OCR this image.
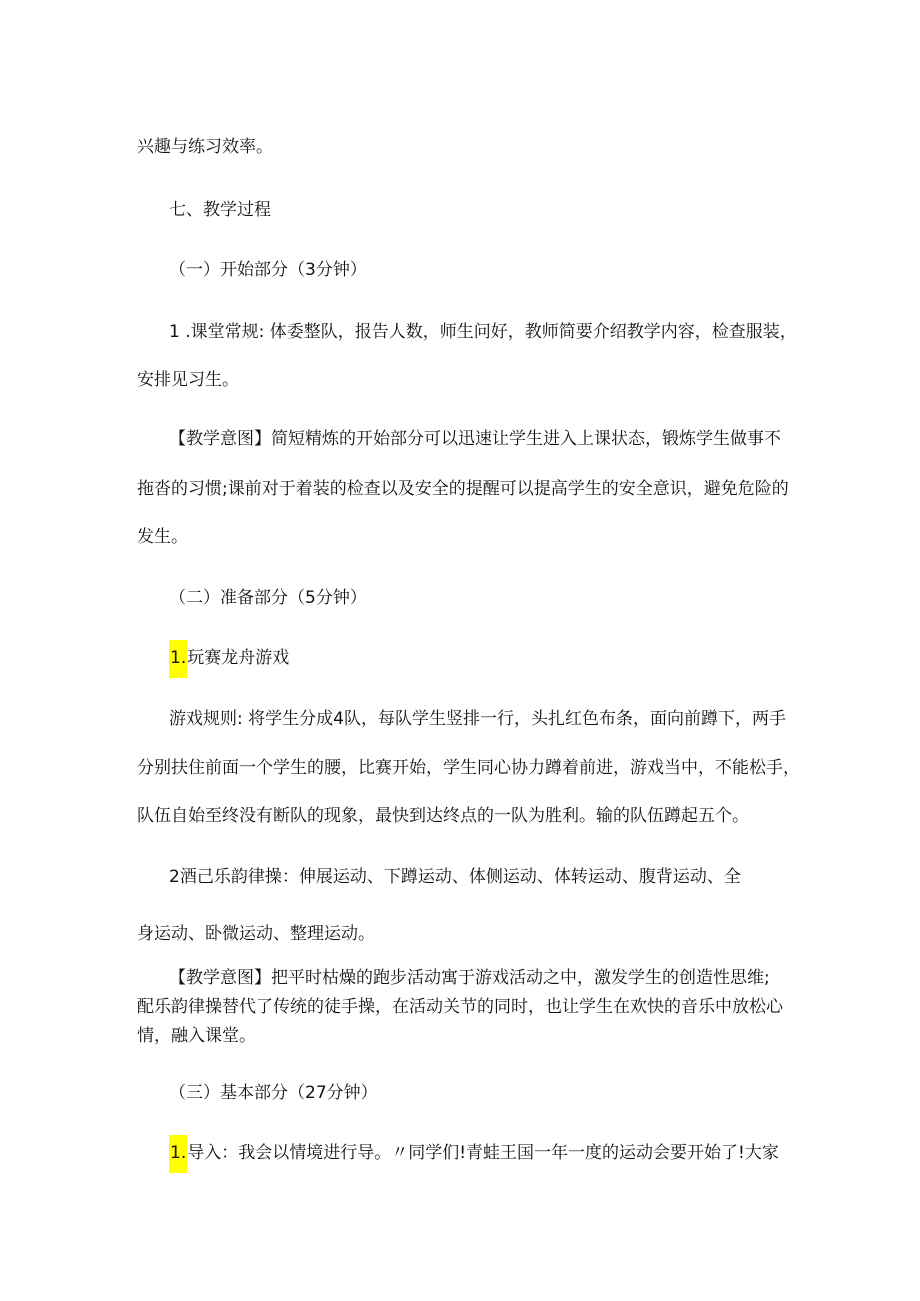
兴趣与练习效率。
七、教学过程
（一）开始部分（3分钟）
1 .课堂常规: 体委整队，报告人数，师生问好，教师简要介绍教学内容，检查服装，
安排见习生。
【教学意图】简短精炼的开始部分可以迅速让学生进入上课状态，锻炼学生做事不
拖沓的习惯;课前对于着装的检查以及安全的提醒可以提高学生的安全意识，避免危险的
发生。
（二）准备部分（5分钟）
1.玩赛龙舟游戏
游戏规则: 将学生分成4队，每队学生竖排一行，头扎红色布条，面向前蹲下，两手
分别扶住前面一个学生的腰，比赛开始，学生同心协力蹲着前进，游戏当中，不能松手，
队伍自始至终没有断队的现象，最快到达终点的一队为胜利。输的队伍蹲起五个。
2酒己乐韵律操：伸展运动、下蹲运动、体侧运动、体转运动、腹背运动、全
身运动、卧微运动、整理运动。
【教学意图】把平时枯燥的跑步活动寓于游戏活动之中，激发学生的创造性思维;
配乐韵律操替代了传统的徒手操，在活动关节的同时，也让学生在欢快的音乐中放松心
情，融入课堂。
（三）基本部分（27分钟）
1.导入：我会以情境进行导。〃同学们!青蛙王国一年一度的运动会要开始了!大家
